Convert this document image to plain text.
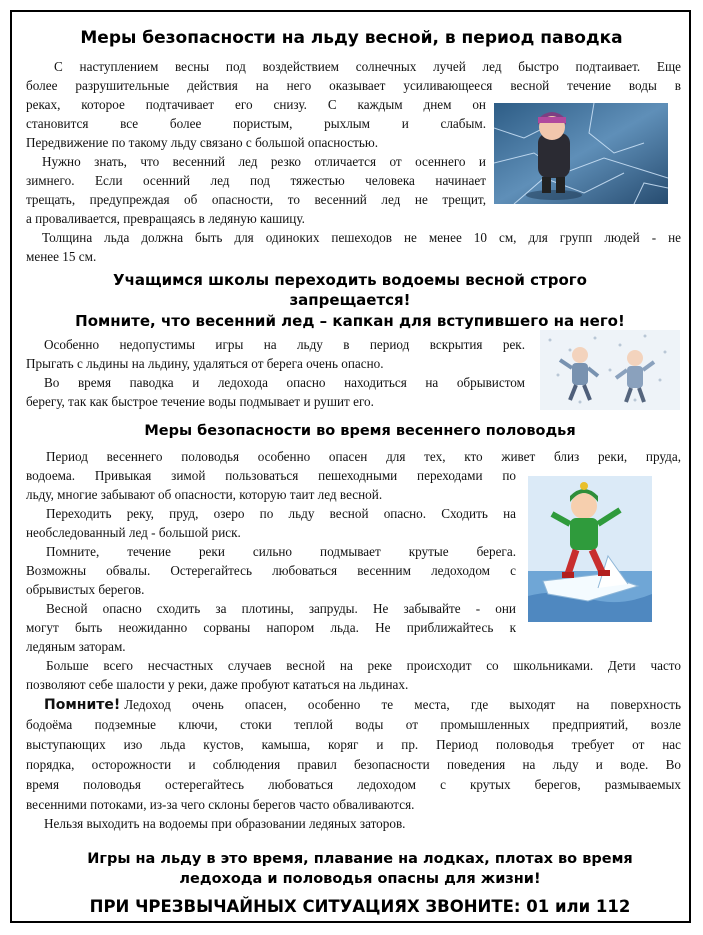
Меры безопасности на льду весной, в период паводка
С наступлением весны под воздействием солнечных лучей лед быстро подтаивает. Еще
более разрушительные действия на него оказывает усиливающееся весной течение воды в
реках, которое подтачивает его снизу. С каждым днем он
становится все более пористым, рыхлым и слабым.
Передвижение по такому льду связано с большой опасностью.
Нужно знать, что весенний лед резко отличается от осеннего и
зимнего. Если осенний лед под тяжестью человека начинает
трещать, предупреждая об опасности, то весенний лед не трещит,
а проваливается, превращаясь в ледяную кашицу.
Толщина льда должна быть для одиноких пешеходов не менее 10 см, для групп людей - не
менее 15 см.
Учащимся школы переходить водоемы весной строго
запрещается!
Помните, что весенний лед – капкан для вступившего на него!
Особенно недопустимы игры на льду в период вскрытия рек.
Прыгать с льдины на льдину, удаляться от берега очень опасно.
Во время паводка и ледохода опасно находиться на обрывистом
берегу, так как быстрое течение воды подмывает и рушит его.
Меры безопасности во время весеннего половодья
Период весеннего половодья особенно опасен для тех, кто живет близ реки, пруда,
водоема. Привыкая зимой пользоваться пешеходными переходами по
льду, многие забывают об опасности, которую таит лед весной.
Переходить реку, пруд, озеро по льду весной опасно. Сходить на
необследованный лед - большой риск.
Помните, течение реки сильно подмывает крутые берега.
Возможны обвалы. Остерегайтесь любоваться весенним ледоходом с
обрывистых берегов.
Весной опасно сходить за плотины, запруды. Не забывайте - они
могут быть неожиданно сорваны напором льда. Не приближайтесь к
ледяным заторам.
Больше всего несчастных случаев весной на реке происходит со школьниками. Дети часто
позволяют себе шалости у реки, даже пробуют кататься на льдинах.
Помните! Ледоход очень опасен, особенно те места, где выходят на поверхность
бодоёма подземные ключи, стоки теплой воды от промышленных предприятий, возле
выступающих изо льда кустов, камыша, коряг и пр. Период половодья требует от нас
порядка, осторожности и соблюдения правил безопасности поведения на льду и воде. Во
время половодья остерегайтесь любоваться ледоходом с крутых берегов, размываемых
весенними потоками, из-за чего склоны берегов часто обваливаются.
Нельзя выходить на водоемы при образовании ледяных заторов.
Игры на льду в это время, плавание на лодках, плотах во время
ледохода и половодья опасны для жизни!
ПРИ ЧРЕЗВЫЧАЙНЫХ СИТУАЦИЯХ ЗВОНИТЕ: 01 или 112
